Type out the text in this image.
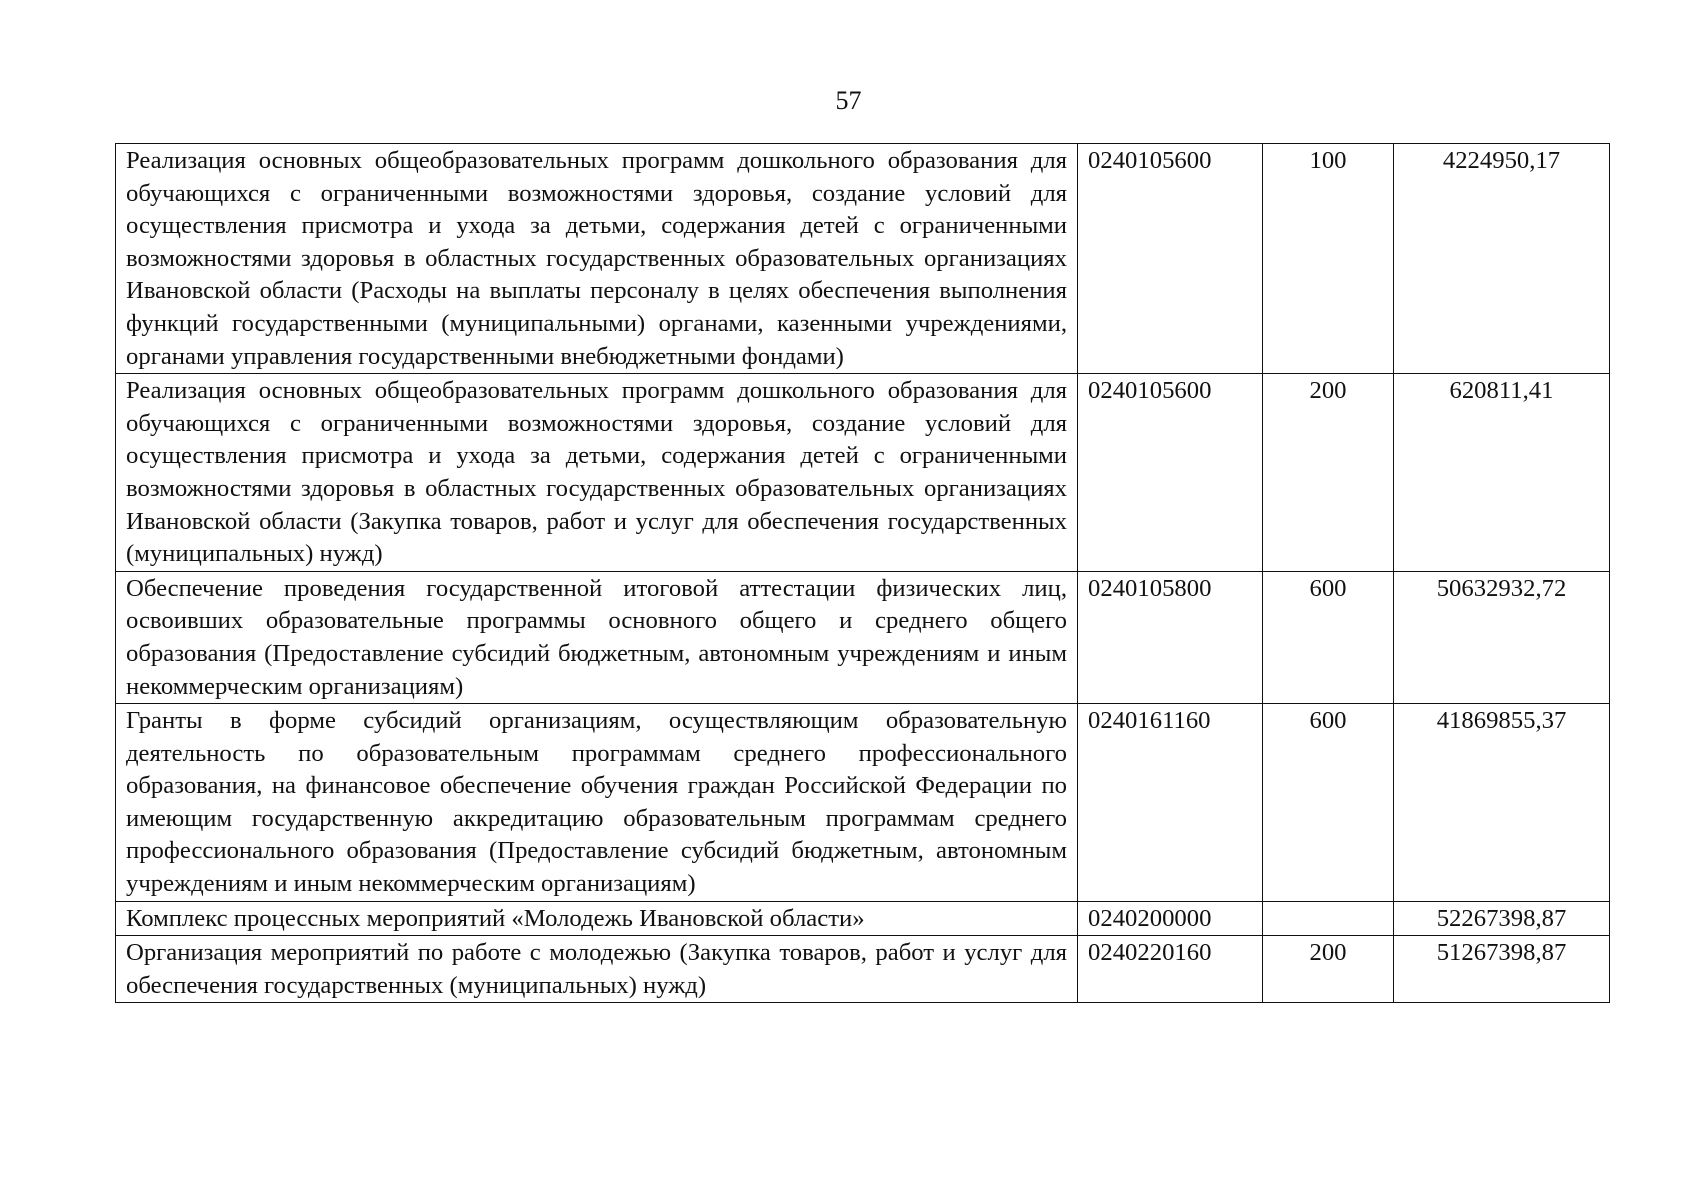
57
Реализация основных общеобразовательных программ дошкольного образования для обучающихся с ограниченными возможностями здоровья, создание условий для осуществления присмотра и ухода за детьми, содержания детей с ограниченными возможностями здоровья в областных государственных образовательных организациях Ивановской области (Расходы на выплаты персоналу в целях обеспечения выполнения функций государственными (муниципальными) органами, казенными учреждениями, органами управления государственными внебюджетными фондами)	0240105600	100	4224950,17
Реализация основных общеобразовательных программ дошкольного образования для обучающихся с ограниченными возможностями здоровья, создание условий для осуществления присмотра и ухода за детьми, содержания детей с ограниченными возможностями здоровья в областных государственных образовательных организациях Ивановской области (Закупка товаров, работ и услуг для обеспечения государственных (муниципальных) нужд)	0240105600	200	620811,41
Обеспечение проведения государственной итоговой аттестации физических лиц, освоивших образовательные программы основного общего и среднего общего образования (Предоставление субсидий бюджетным, автономным учреждениям и иным некоммерческим организациям)	0240105800	600	50632932,72
Гранты в форме субсидий организациям, осуществляющим образовательную деятельность по образовательным программам среднего профессионального образования, на финансовое обеспечение обучения граждан Российской Федерации по имеющим государственную аккредитацию образовательным программам среднего профессионального образования (Предоставление субсидий бюджетным, автономным учреждениям и иным некоммерческим организациям)	0240161160	600	41869855,37
Комплекс процессных мероприятий «Молодежь Ивановской области»	0240200000		52267398,87
Организация мероприятий по работе с молодежью (Закупка товаров, работ и услуг для обеспечения государственных (муниципальных) нужд)	0240220160	200	51267398,87
